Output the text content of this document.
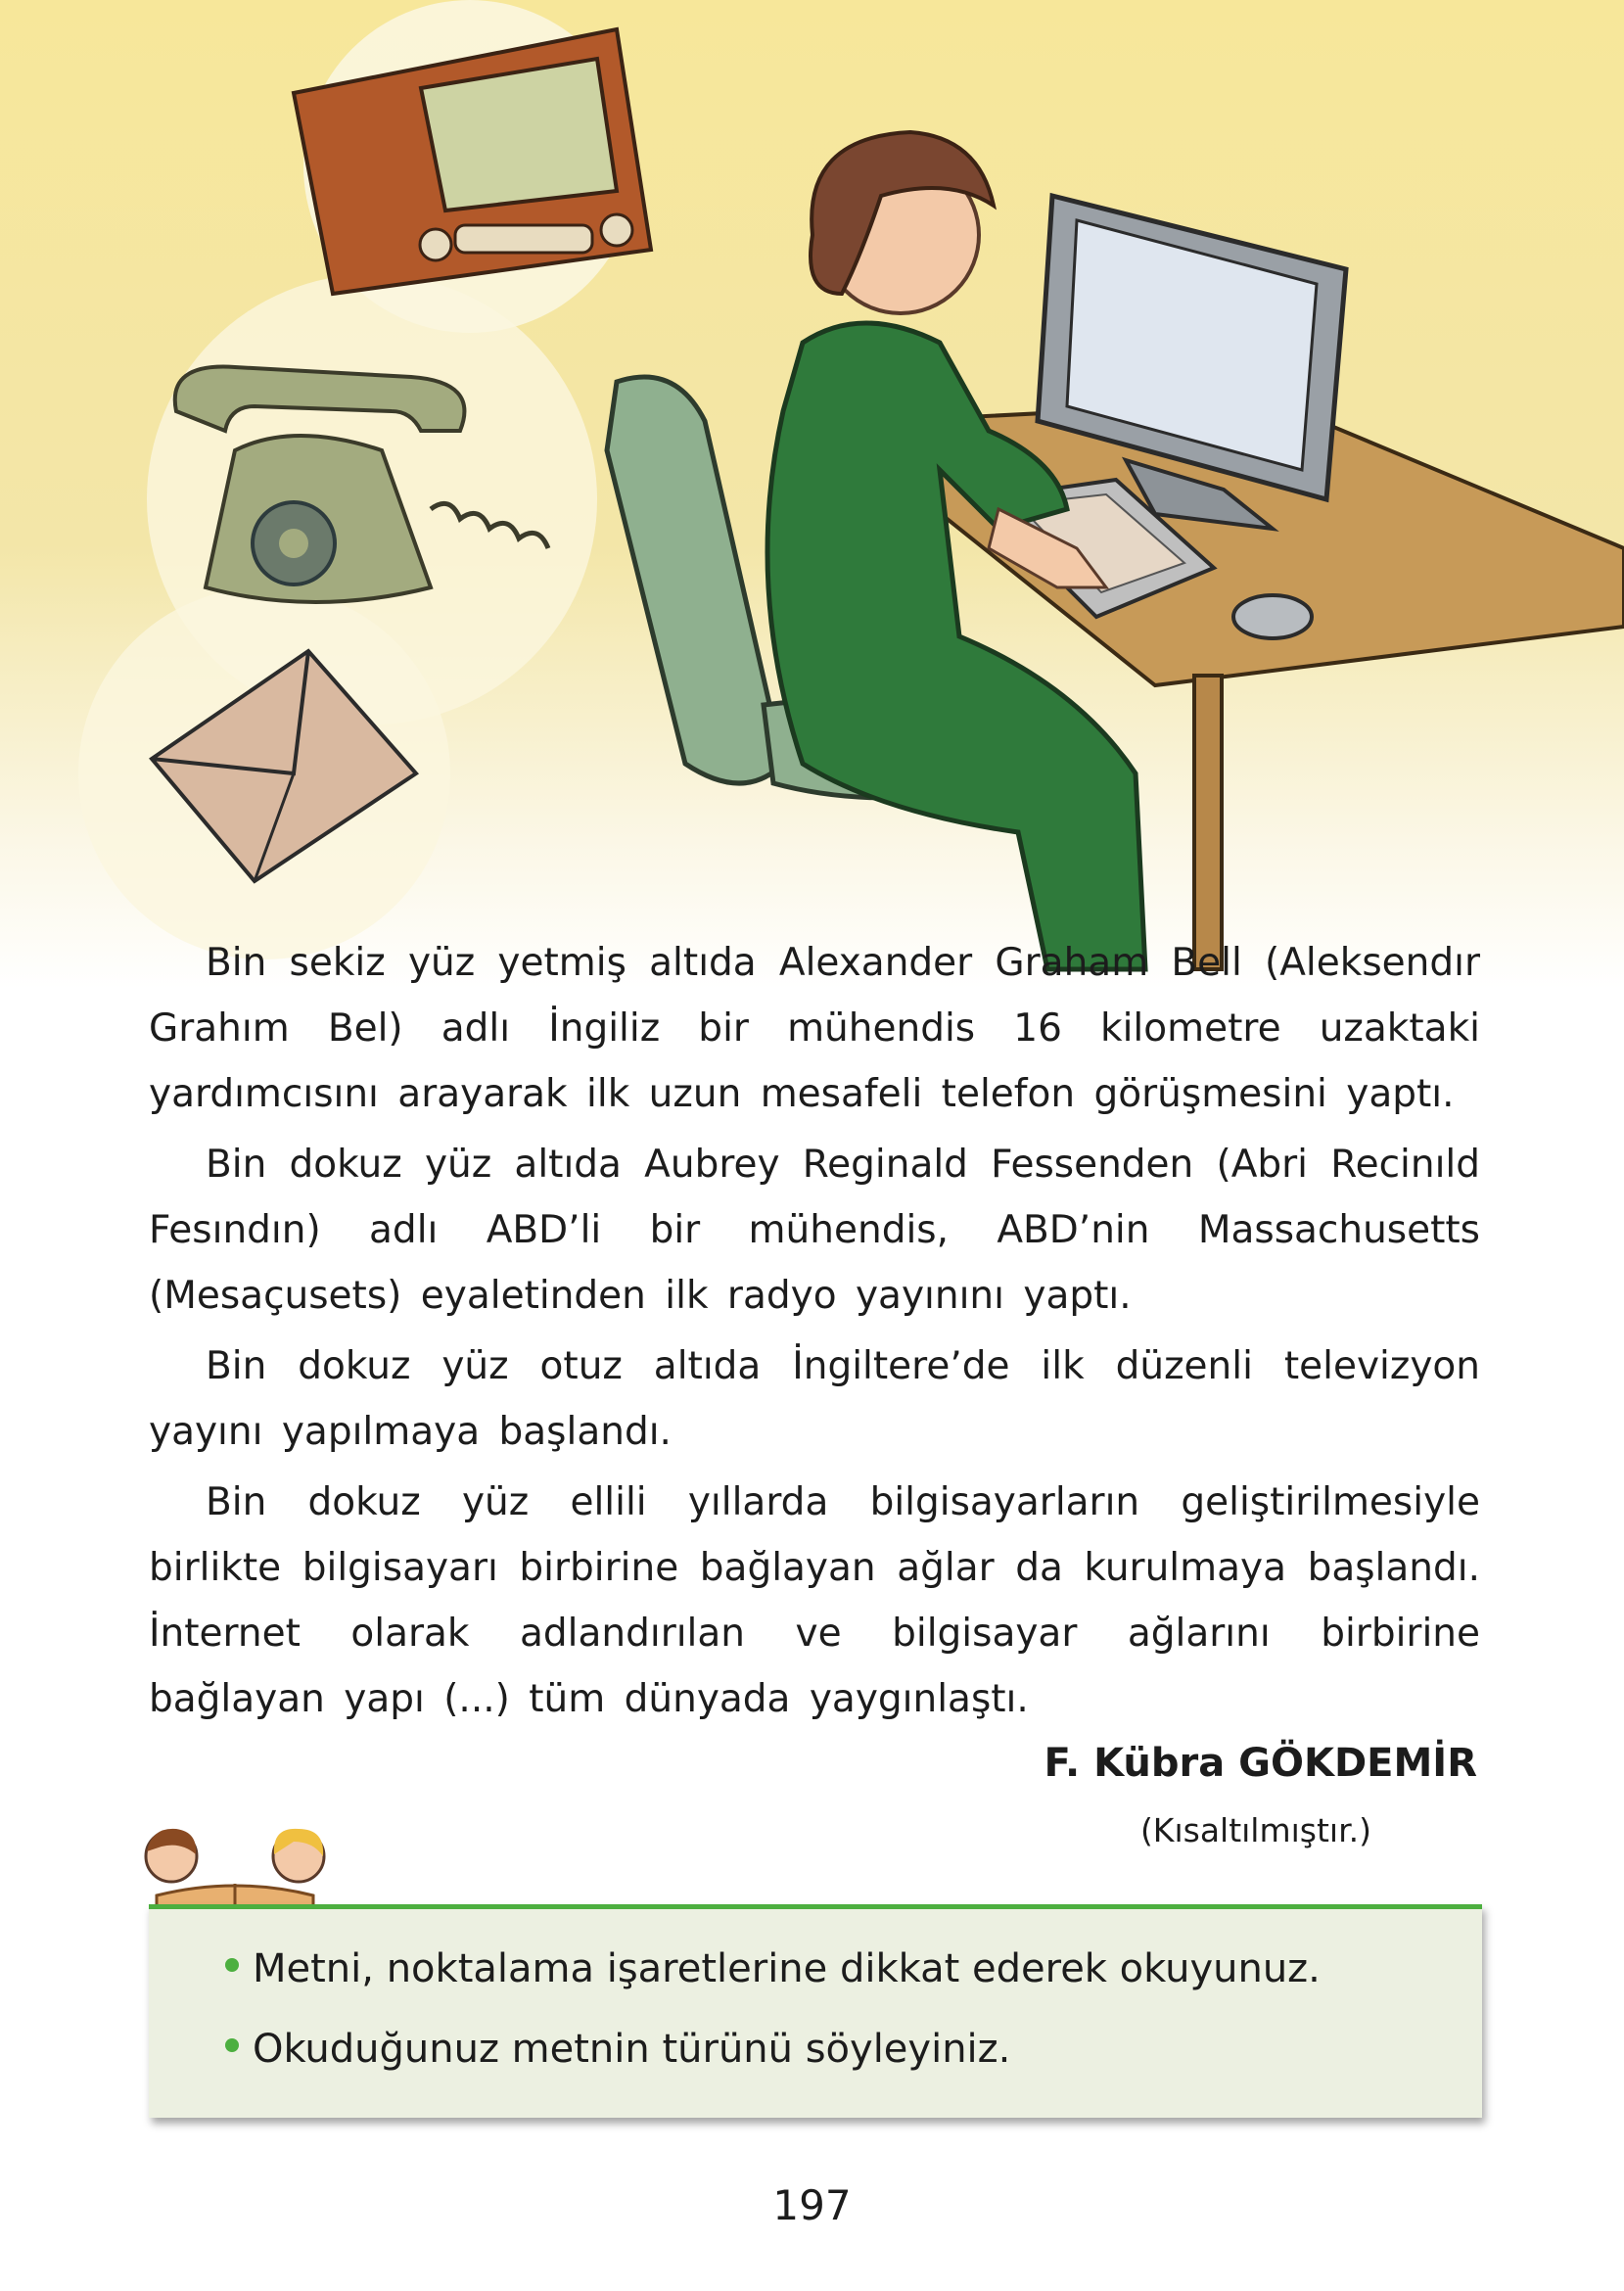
Bin sekiz yüz yetmiş altıda Alexander Graham Bell (Aleksendır Grahım Bel) adlı İngiliz bir mühendis 16 kilometre uzaktaki yardımcısını arayarak ilk uzun mesafeli telefon görüşmesini yaptı.

Bin dokuz yüz altıda Aubrey Reginald Fessenden (Abri Recinıld Fesındın) adlı ABD’li bir mühendis, ABD’nin Massachusetts (Mesaçusets) eyaletinden ilk radyo yayınını yaptı.

Bin dokuz yüz otuz altıda İngiltere’de ilk düzenli televizyon yayını yapılmaya başlandı.

Bin dokuz yüz ellili yıllarda bilgisayarların geliştirilmesiyle birlikte bilgisayarı birbirine bağlayan ağlar da kurulmaya başlandı. İnternet olarak adlandırılan ve bilgisayar ağlarını birbirine bağlayan yapı (...) tüm dünyada yaygınlaştı.

F. Kübra GÖKDEMİR
(Kısaltılmıştır.)
Metni, noktalama işaretlerine dikkat ederek okuyunuz.
Okuduğunuz metnin türünü söyleyiniz.
197
